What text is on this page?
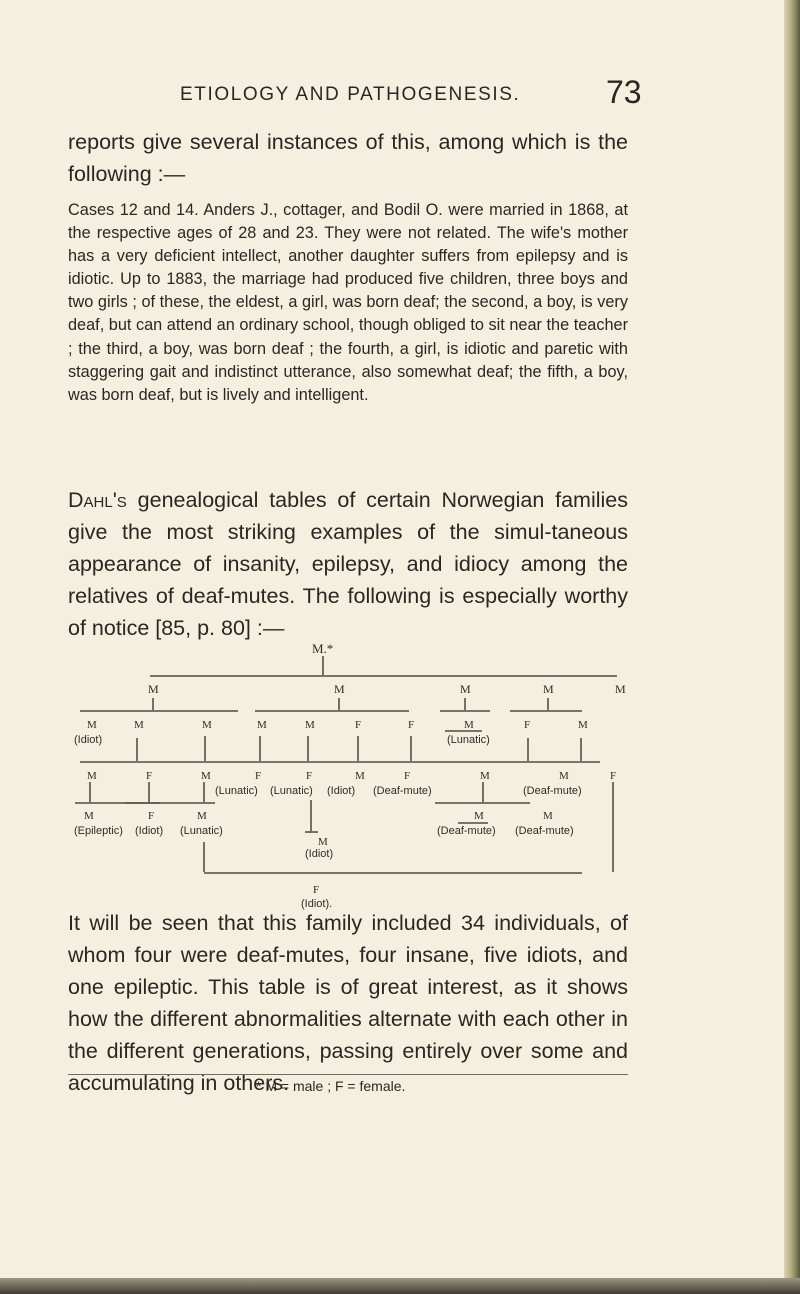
ETIOLOGY AND PATHOGENESIS.	73

reports give several instances of this, among which is the following :—

Cases 12 and 14. Anders J., cottager, and Bodil O. were married in 1868, at the respective ages of 28 and 23. They were not related. The wife's mother has a very deficient intellect, another daughter suffers from epilepsy and is idiotic. Up to 1883, the marriage had produced five children, three boys and two girls ; of these, the eldest, a girl, was born deaf; the second, a boy, is very deaf, but can attend an ordinary school, though obliged to sit near the teacher ; the third, a boy, was born deaf ; the fourth, a girl, is idiotic and paretic with staggering gait and indistinct utterance, also somewhat deaf; the fifth, a boy, was born deaf, but is lively and intelligent.

Dahl's genealogical tables of certain Norwegian families give the most striking examples of the simul-taneous appearance of insanity, epilepsy, and idiocy among the relatives of deaf-mutes. The following is especially worthy of notice [85, p. 80] :—

M.*
M	M	M	M	M
M	M	M	M	M	F	F	M	F	M
(Idiot)	(Lunatic)
M	F	M	F	F	M	F	M	M	F
(Lunatic) (Lunatic) (Idiot) (Deaf-mute)	(Deaf-mute)
M	F	M	M	M
M
(Epileptic) (Idiot) (Lunatic)	(Deaf-mute) (Deaf-mute)
(Idiot)
F
(Idiot).

It will be seen that this family included 34 individuals, of whom four were deaf-mutes, four insane, five idiots, and one epileptic. This table is of great interest, as it shows how the different abnormalities alternate with each other in the different generations, passing entirely over some and accumulating in others.

* M = male ; F = female.
